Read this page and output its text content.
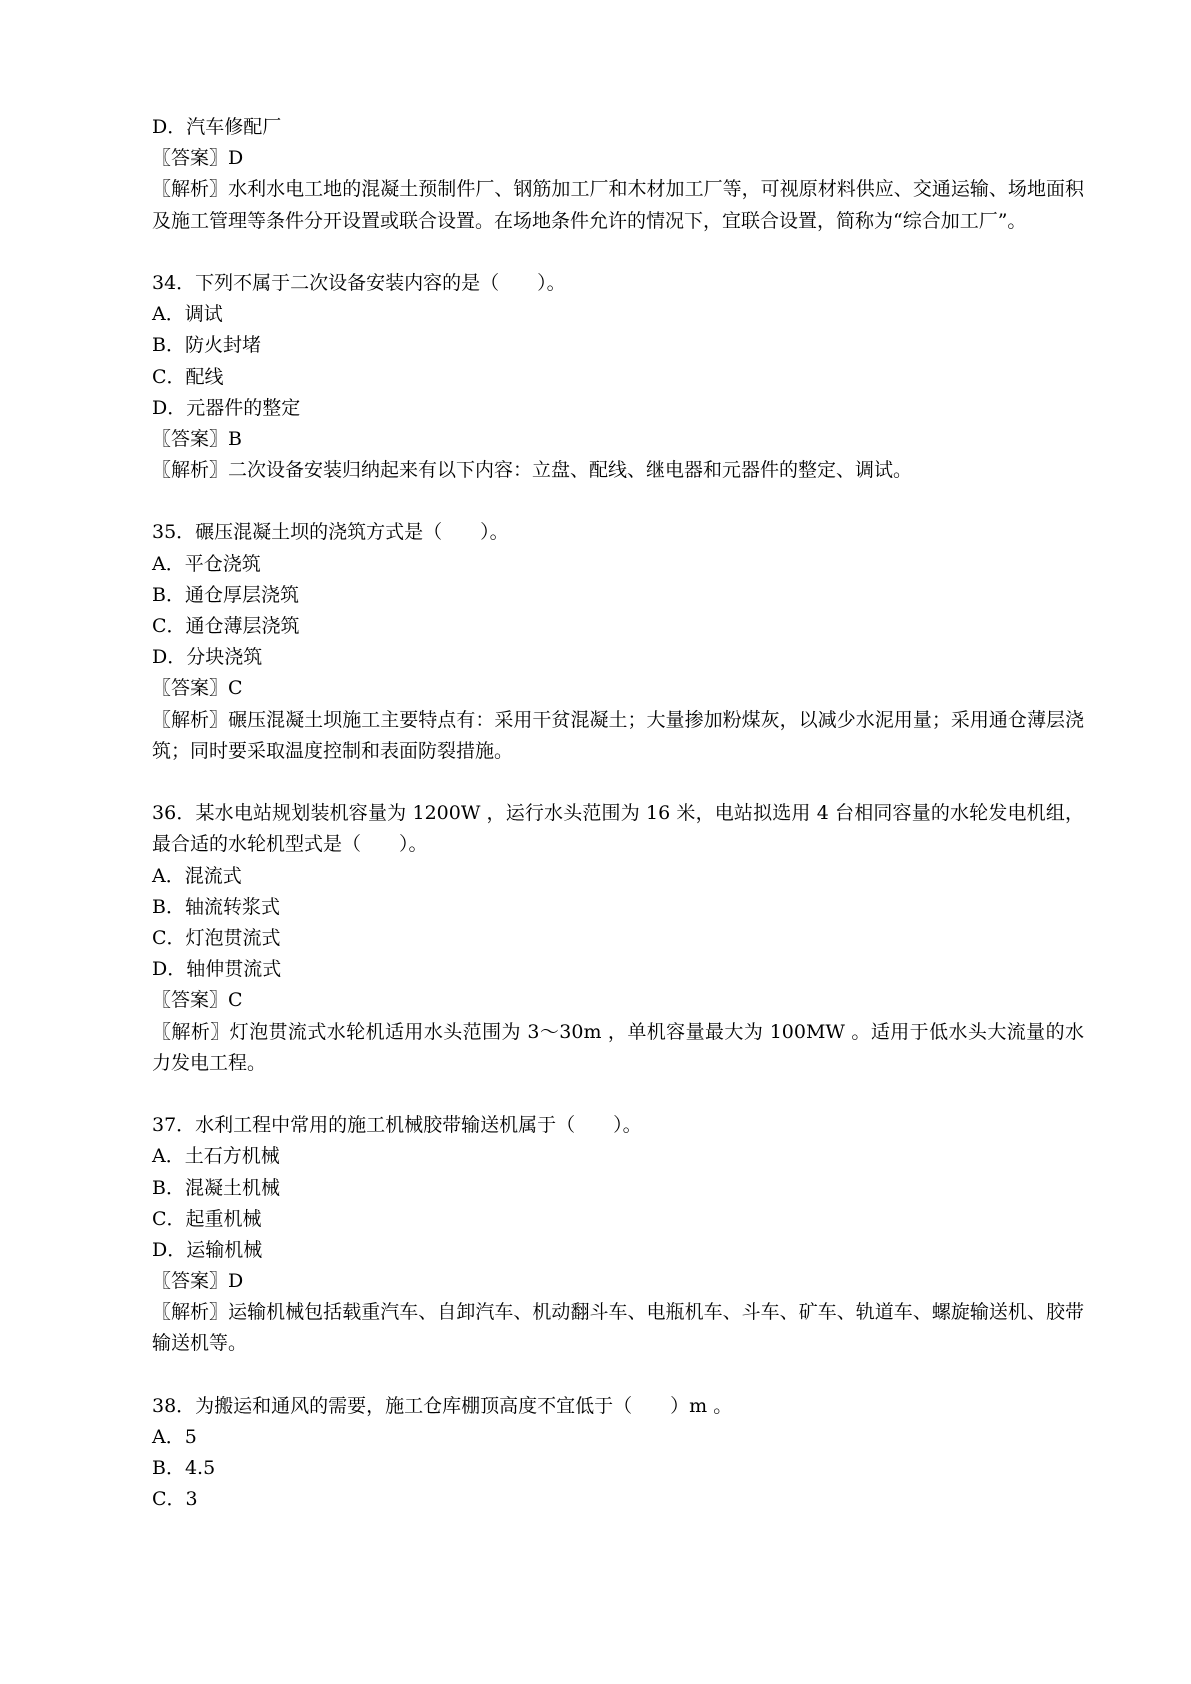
D．汽车修配厂
〖答案〗D
〖解析〗水利水电工地的混凝土预制件厂、钢筋加工厂和木材加工厂等，可视原材料供应、交通运输、场地面积及施工管理等条件分开设置或联合设置。在场地条件允许的情况下，宜联合设置，简称为“综合加工厂”。
34．下列不属于二次设备安装内容的是（　　）。
A．调试
B．防火封堵
C．配线
D．元器件的整定
〖答案〗B
〖解析〗二次设备安装归纳起来有以下内容：立盘、配线、继电器和元器件的整定、调试。
35．碾压混凝土坝的浇筑方式是（　　）。
A．平仓浇筑
B．通仓厚层浇筑
C．通仓薄层浇筑
D．分块浇筑
〖答案〗C
〖解析〗碾压混凝土坝施工主要特点有：采用干贫混凝土；大量掺加粉煤灰，以减少水泥用量；采用通仓薄层浇筑；同时要采取温度控制和表面防裂措施。
36．某水电站规划装机容量为 1200W ，运行水头范围为 16 米，电站拟选用 4 台相同容量的水轮发电机组，最合适的水轮机型式是（　　）。
A．混流式
B．轴流转浆式
C．灯泡贯流式
D．轴伸贯流式
〖答案〗C
〖解析〗灯泡贯流式水轮机适用水头范围为 3～30m ，单机容量最大为 100MW 。适用于低水头大流量的水力发电工程。
37．水利工程中常用的施工机械胶带输送机属于（　　）。
A．土石方机械
B．混凝土机械
C．起重机械
D．运输机械
〖答案〗D
〖解析〗运输机械包括载重汽车、自卸汽车、机动翻斗车、电瓶机车、斗车、矿车、轨道车、螺旋输送机、胶带输送机等。
38．为搬运和通风的需要，施工仓库棚顶高度不宜低于（　　）m 。
A．5
B．4.5
C．3
